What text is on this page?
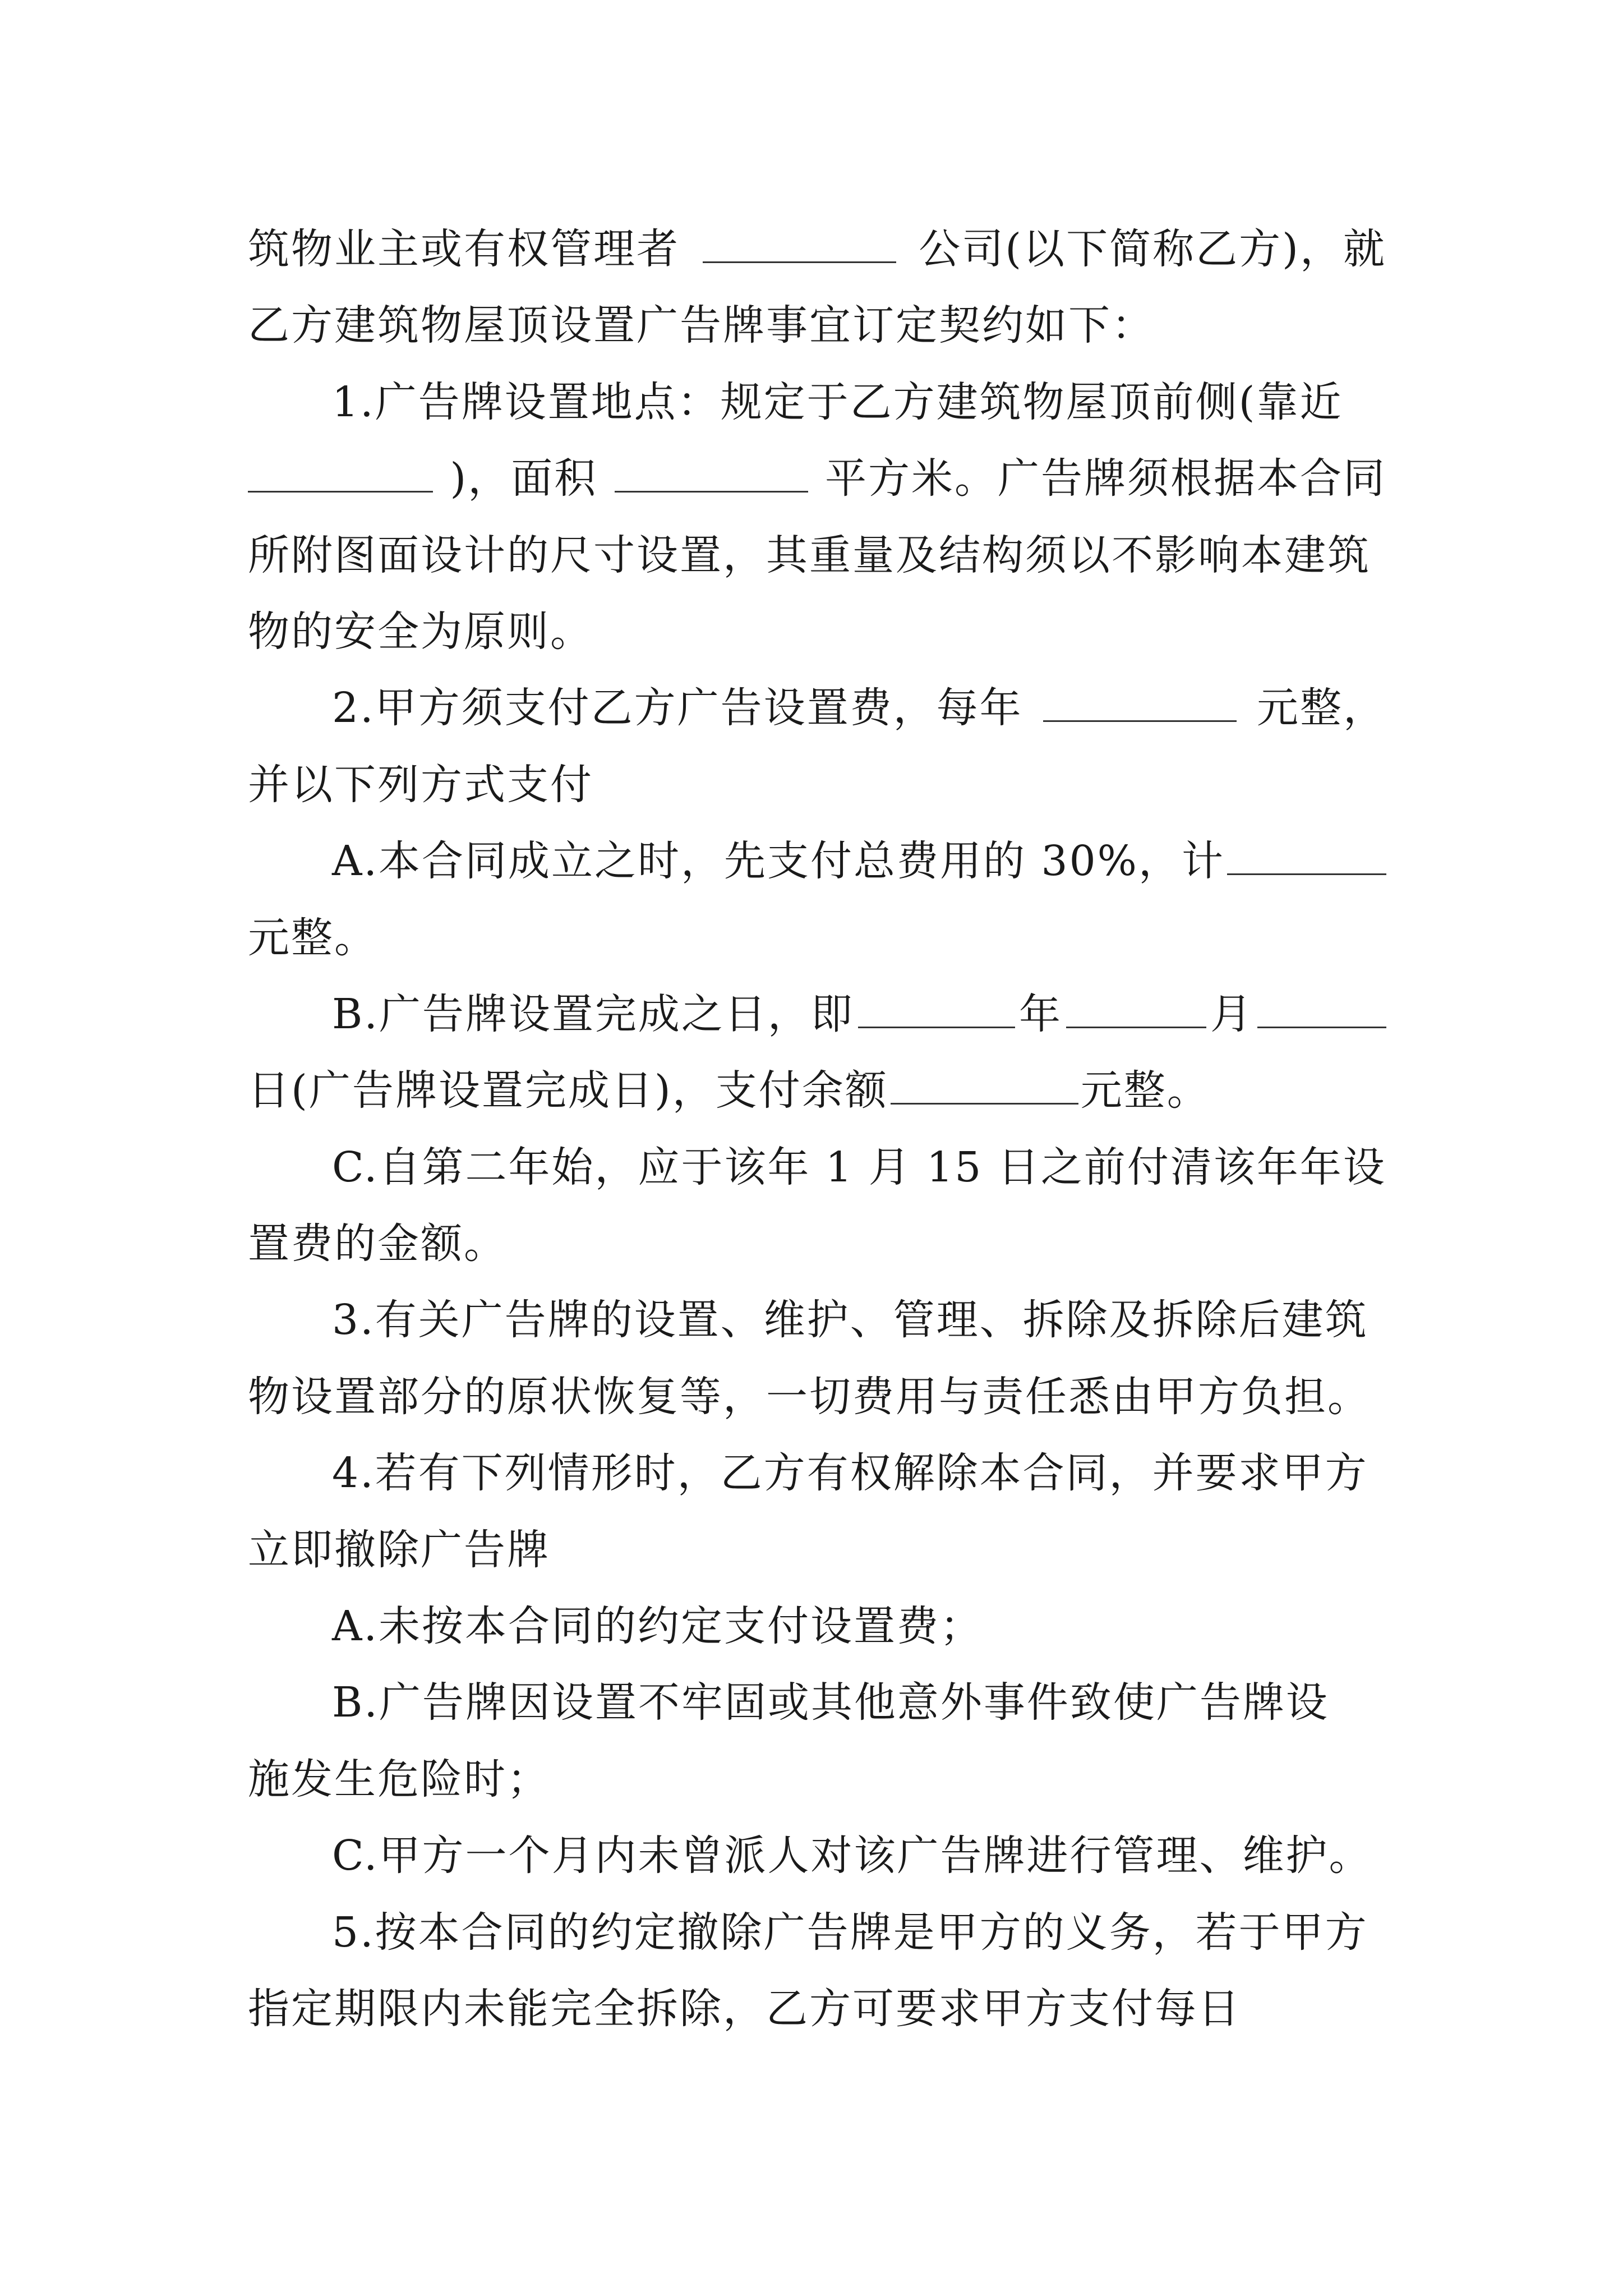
筑物业主或有权管理者	公司(以下简称乙方)，就
乙方建筑物屋顶设置广告牌事宜订定契约如下：
1.广告牌设置地点：规定于乙方建筑物屋顶前侧(靠近
)，面积	平方米。广告牌须根据本合同
所附图面设计的尺寸设置，其重量及结构须以不影响本建筑
物的安全为原则。
2.甲方须支付乙方广告设置费，每年	元整，
并以下列方式支付
A.本合同成立之时，先支付总费用的 30%，计
元整。
B.广告牌设置完成之日，即	年	月
日(广告牌设置完成日)，支付余额	元整。
C.自第二年始，应于该年 1 月 15 日之前付清该年年设
置费的金额。
3.有关广告牌的设置、维护、管理、拆除及拆除后建筑
物设置部分的原状恢复等，一切费用与责任悉由甲方负担。
4.若有下列情形时，乙方有权解除本合同，并要求甲方
立即撤除广告牌
A.未按本合同的约定支付设置费；
B.广告牌因设置不牢固或其他意外事件致使广告牌设
施发生危险时；
C.甲方一个月内未曾派人对该广告牌进行管理、维护。
5.按本合同的约定撤除广告牌是甲方的义务，若于甲方
指定期限内未能完全拆除，乙方可要求甲方支付每日
